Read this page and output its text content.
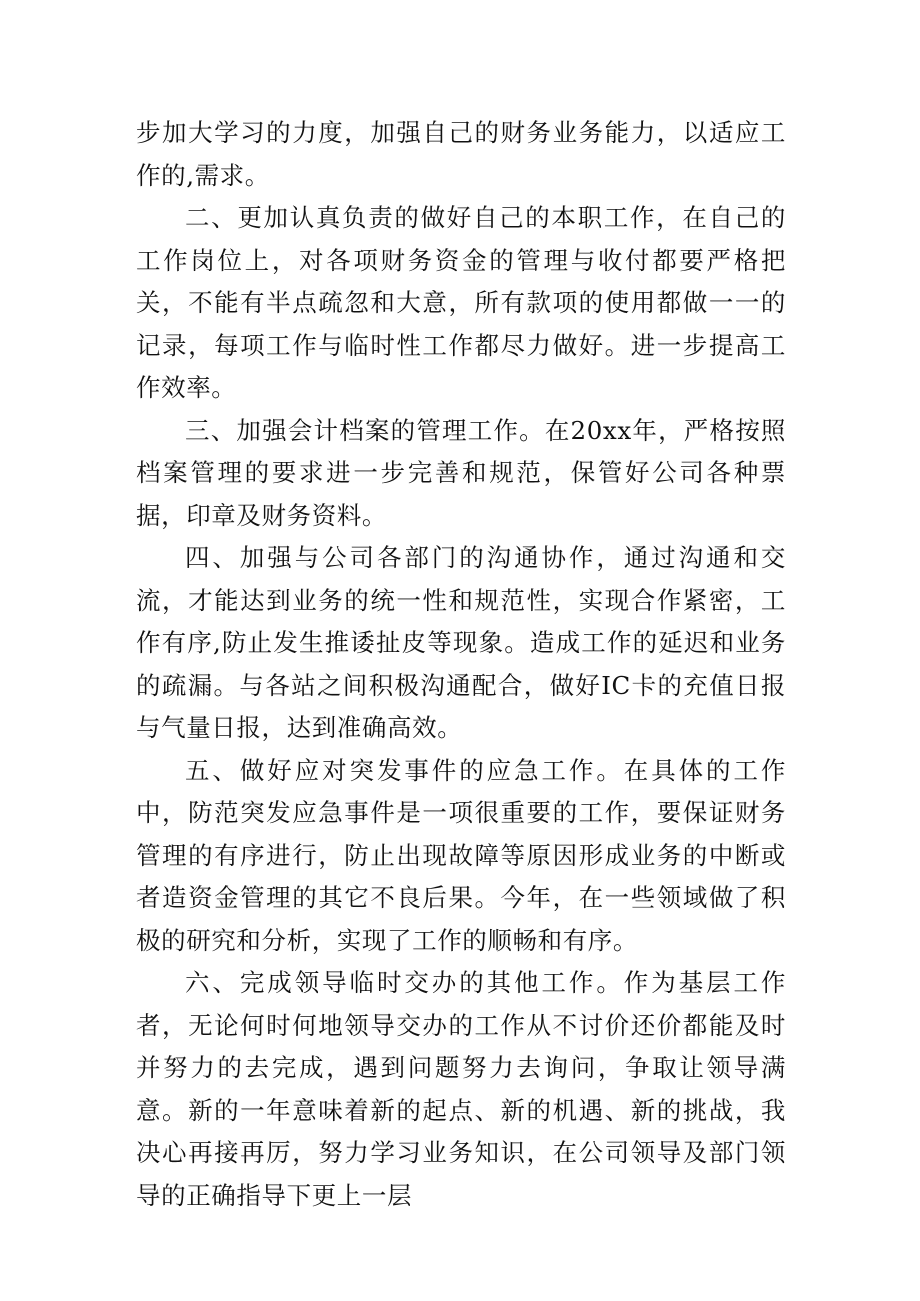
步加大学习的力度，加强自己的财务业务能力，以适应工作的,需求。

二、更加认真负责的做好自己的本职工作，在自己的工作岗位上，对各项财务资金的管理与收付都要严格把关，不能有半点疏忽和大意，所有款项的使用都做一一的记录，每项工作与临时性工作都尽力做好。进一步提高工作效率。

三、加强会计档案的管理工作。在20xx年，严格按照档案管理的要求进一步完善和规范，保管好公司各种票据，印章及财务资料。

四、加强与公司各部门的沟通协作，通过沟通和交流，才能达到业务的统一性和规范性，实现合作紧密，工作有序,防止发生推诿扯皮等现象。造成工作的延迟和业务的疏漏。与各站之间积极沟通配合，做好IC卡的充值日报与气量日报，达到准确高效。

五、做好应对突发事件的应急工作。在具体的工作中，防范突发应急事件是一项很重要的工作，要保证财务管理的有序进行，防止出现故障等原因形成业务的中断或者造资金管理的其它不良后果。今年，在一些领域做了积极的研究和分析，实现了工作的顺畅和有序。

六、完成领导临时交办的其他工作。作为基层工作者，无论何时何地领导交办的工作从不讨价还价都能及时并努力的去完成，遇到问题努力去询问，争取让领导满意。新的一年意味着新的起点、新的机遇、新的挑战，我决心再接再厉，努力学习业务知识，在公司领导及部门领导的正确指导下更上一层
